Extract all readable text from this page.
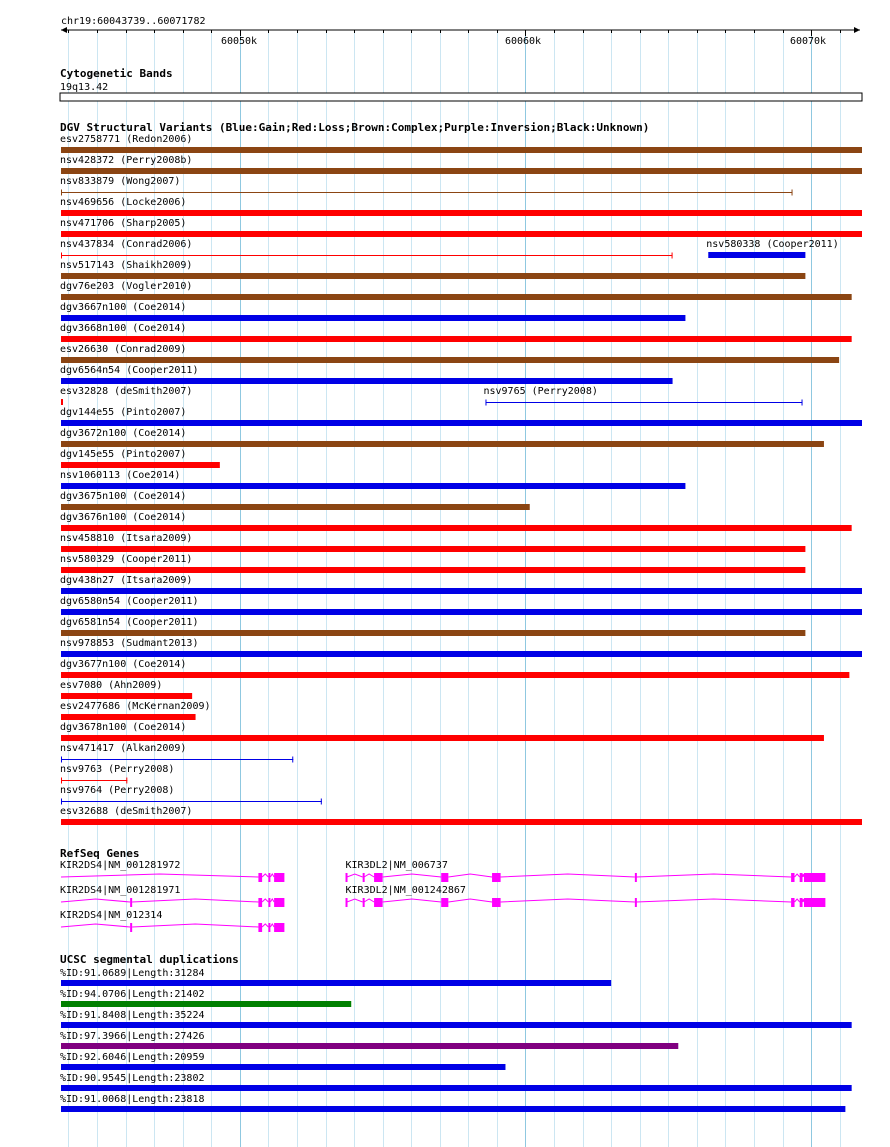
chr19:60043739..60071782
60050k	60060k	60070k
Cytogenetic Bands
19q13.42
DGV Structural Variants (Blue:Gain;Red:Loss;Brown:Complex;Purple:Inversion;Black:Unknown)
esv2758771 (Redon2006)
nsv428372 (Perry2008b)
nsv833879 (Wong2007)
nsv469656 (Locke2006)
nsv471706 (Sharp2005)
nsv437834 (Conrad2006)	nsv580338 (Cooper2011)
nsv517143 (Shaikh2009)
dgv76e203 (Vogler2010)
dgv3667n100 (Coe2014)
dgv3668n100 (Coe2014)
esv26630 (Conrad2009)
dgv6564n54 (Cooper2011)
esv32828 (deSmith2007)	nsv9765 (Perry2008)
dgv144e55 (Pinto2007)
dgv3672n100 (Coe2014)
dgv145e55 (Pinto2007)
nsv1060113 (Coe2014)
dgv3675n100 (Coe2014)
dgv3676n100 (Coe2014)
nsv458810 (Itsara2009)
nsv580329 (Cooper2011)
dgv438n27 (Itsara2009)
dgv6580n54 (Cooper2011)
dgv6581n54 (Cooper2011)
nsv978853 (Sudmant2013)
dgv3677n100 (Coe2014)
esv7080 (Ahn2009)
esv2477686 (McKernan2009)
dgv3678n100 (Coe2014)
nsv471417 (Alkan2009)
nsv9763 (Perry2008)
nsv9764 (Perry2008)
esv32688 (deSmith2007)
RefSeq Genes
KIR2DS4|NM_001281972	KIR3DL2|NM_006737
KIR2DS4|NM_001281971	KIR3DL2|NM_001242867
KIR2DS4|NM_012314
UCSC segmental duplications
%ID:91.0689|Length:31284
%ID:94.0706|Length:21402
%ID:91.8408|Length:35224
%ID:97.3966|Length:27426
%ID:92.6046|Length:20959
%ID:90.9545|Length:23802
%ID:91.0068|Length:23818
